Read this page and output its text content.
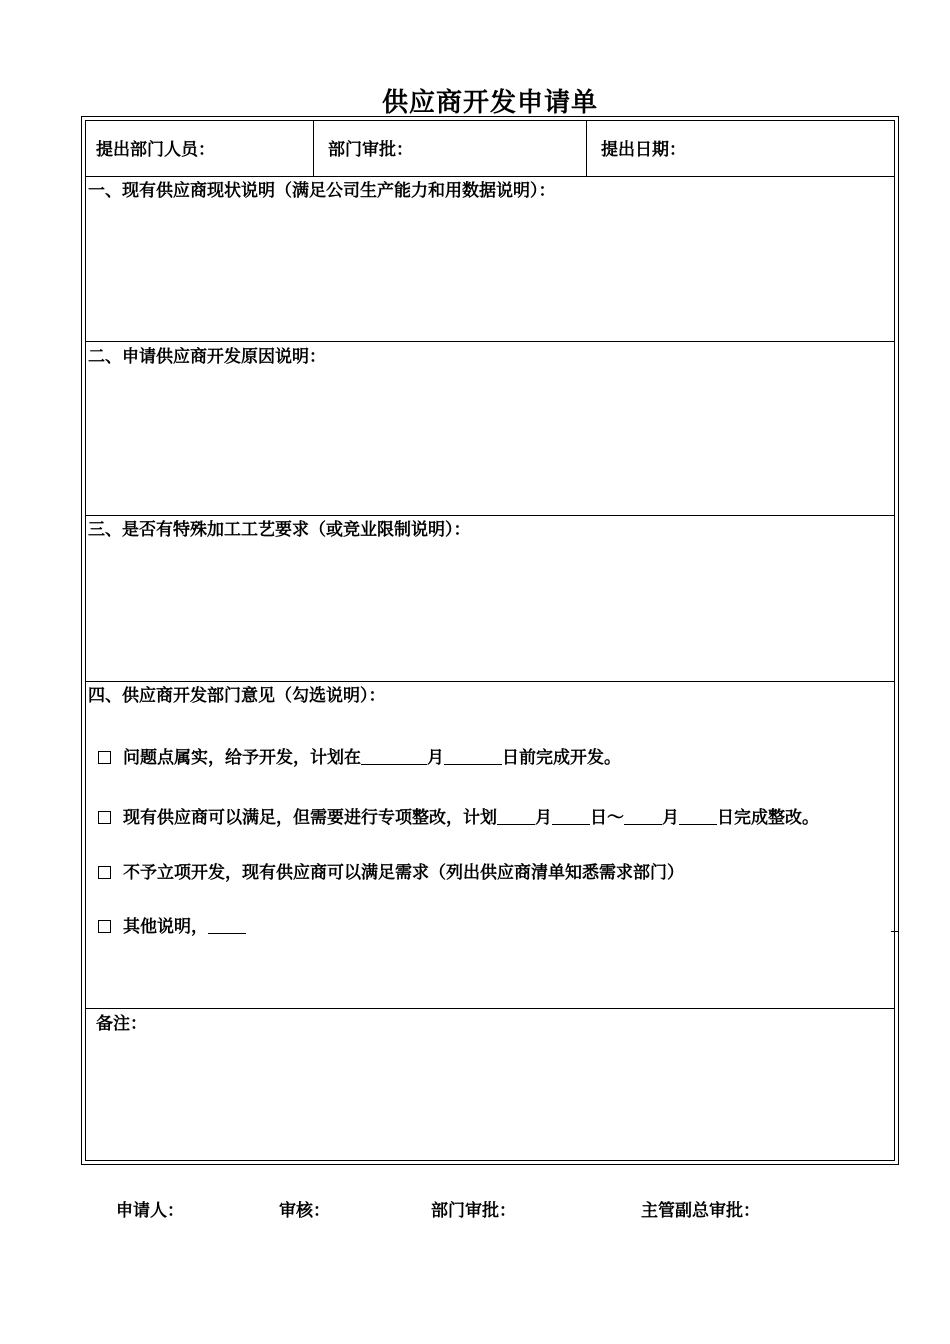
供应商开发申请单
提出部门人员：	部门审批：	提出日期：
一、现有供应商现状说明（满足公司生产能力和用数据说明）：
二、申请供应商开发原因说明：
三、是否有特殊加工工艺要求（或竞业限制说明）：
四、供应商开发部门意见（勾选说明）：
问题点属实，给予开发，计划在	月	日前完成开发。
现有供应商可以满足，但需要进行专项整改，计划 月 日～ 月 日完成整改。
不予立项开发，现有供应商可以满足需求（列出供应商清单知悉需求部门）
其他说明，
备注：
申请人：	审核：	部门审批：	主管副总审批：
